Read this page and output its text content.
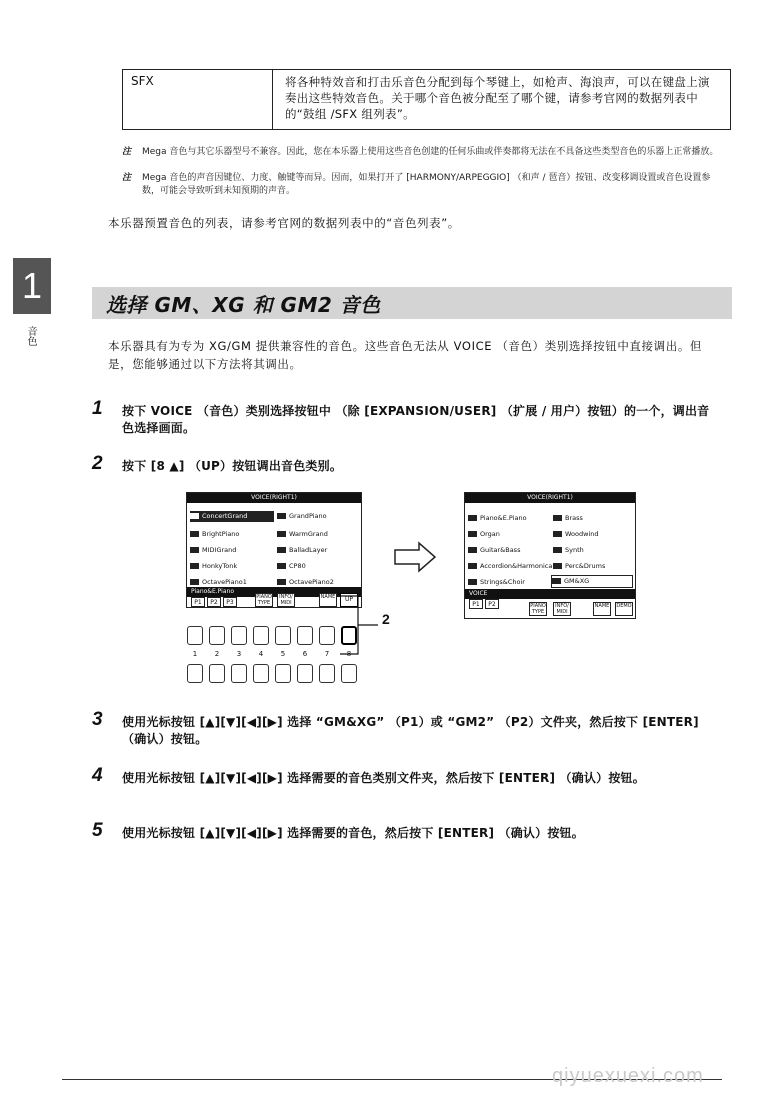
SFX	将各种特效音和打击乐音色分配到每个琴键上，如枪声、海浪声，可以在键盘上演奏出这些特效音色。关于哪个音色被分配至了哪个键，请参考官网的数据列表中的“鼓组 /SFX 组列表”。
注 Mega 音色与其它乐器型号不兼容。因此，您在本乐器上使用这些音色创建的任何乐曲或伴奏都将无法在不具备这些类型音色的乐器上正常播放。
注 Mega 音色的声音因键位、力度、触键等而异。因而，如果打开了 [HARMONY/ARPEGGIO] （和声 / 琶音）按钮、改变移调设置或音色设置参数，可能会导致听到未知预期的声音。
本乐器预置音色的列表，请参考官网的数据列表中的“音色列表”。
1
音色
选择 GM、XG 和 GM2 音色
本乐器具有为专为 XG/GM 提供兼容性的音色。这些音色无法从 VOICE （音色）类别选择按钮中直接调出。但是，您能够通过以下方法将其调出。
1 按下 VOICE （音色）类别选择按钮中 （除 [EXPANSION/USER] （扩展 / 用户）按钮）的一个，调出音色选择画面。
2 按下 [8 ▲] （UP）按钮调出音色类别。
VOICE(RIGHT1)
ConcertGrand
BrightPiano
MIDIGrand
HonkyTonk
OctavePiano1
GrandPiano
WarmGrand
BalladLayer
CP80
OctavePiano2
Piano&E.Piano
P1	P2	P3
PIANO TYPE
INFO/ MIDI
NAME	UP
1	2	3	4	5	6	7	8
2
VOICE(RIGHT1)
Piano&E.Piano
Organ
Guitar&Bass
Accordion&Harmonica
Strings&Choir
Brass
Woodwind
Synth
Perc&Drums
GM&XG
VOICE
P1	P2	PIANO TYPE
INFO/ MIDI
NAME	DEMO
3 使用光标按钮 [▲][▼][◀][▶] 选择 “GM&XG” （P1）或 “GM2” （P2）文件夹，然后按下 [ENTER] （确认）按钮。
4 使用光标按钮 [▲][▼][◀][▶] 选择需要的音色类别文件夹，然后按下 [ENTER] （确认）按钮。
5 使用光标按钮 [▲][▼][◀][▶] 选择需要的音色，然后按下 [ENTER] （确认）按钮。
qiyuexuexi.com
